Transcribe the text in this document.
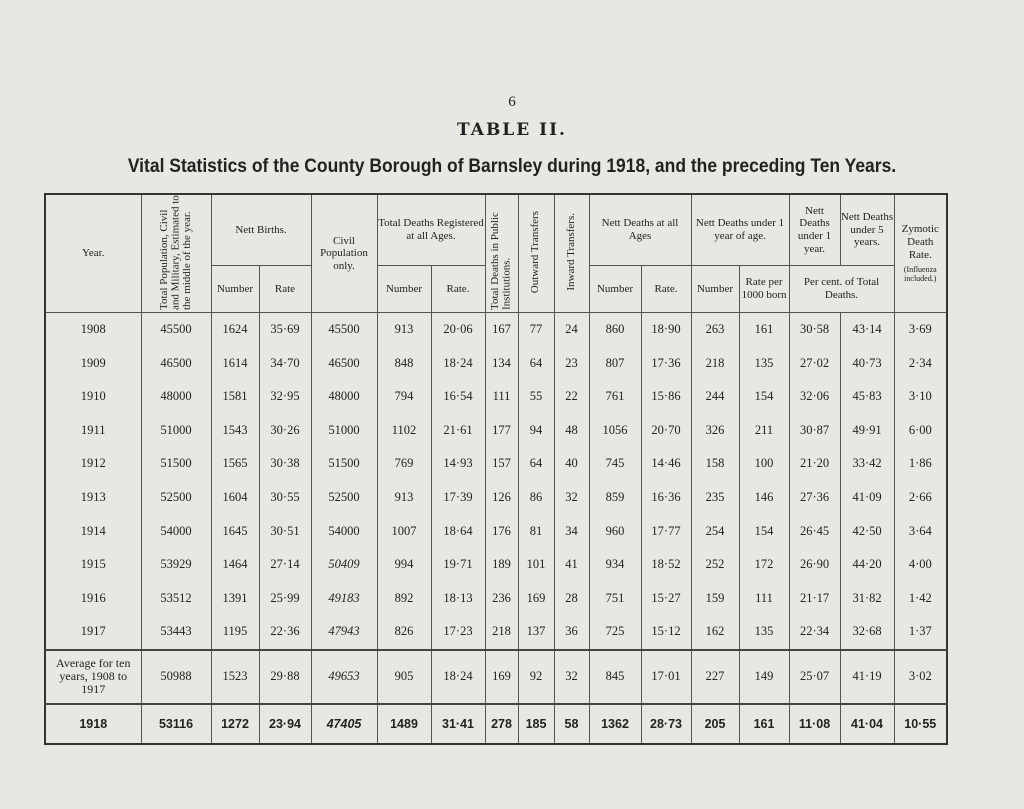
6
TABLE II.
Vital Statistics of the County Borough of Barnsley during 1918, and the preceding Ten Years.
Year.	Total Population, Civil and Military, Estimated to the middle of the year.	Nett Births.		Civil Population only.	Total Deaths Registered at all Ages.		Total Deaths in Public Institutions.	Outward Transfers	Inward Transfers.	Nett Deaths at all Ages		Nett Deaths under 1 year of age.		Nett Deaths under 1 year.	Nett Deaths under 5 years.	Zymotic Death Rate.
(Influenza included.)

		Number	Rate		Number	Rate.				Number	Rate.	Number	Rate per 1000 born	Per cent. of Total Deaths.		
1908	45500	1624	35·69	45500	913	20·06	167	77	24	860	18·90	263	161	30·58	43·14	3·69
1909	46500	1614	34·70	46500	848	18·24	134	64	23	807	17·36	218	135	27·02	40·73	2·34
1910	48000	1581	32·95	48000	794	16·54	111	55	22	761	15·86	244	154	32·06	45·83	3·10
1911	51000	1543	30·26	51000	1102	21·61	177	94	48	1056	20·70	326	211	30·87	49·91	6·00
1912	51500	1565	30·38	51500	769	14·93	157	64	40	745	14·46	158	100	21·20	33·42	1·86
1913	52500	1604	30·55	52500	913	17·39	126	86	32	859	16·36	235	146	27·36	41·09	2·66
1914	54000	1645	30·51	54000	1007	18·64	176	81	34	960	17·77	254	154	26·45	42·50	3·64
1915	53929	1464	27·14	50409	994	19·71	189	101	41	934	18·52	252	172	26·90	44·20	4·00
1916	53512	1391	25·99	49183	892	18·13	236	169	28	751	15·27	159	111	21·17	31·82	1·42
1917	53443	1195	22·36	47943	826	17·23	218	137	36	725	15·12	162	135	22·34	32·68	1·37
Average for ten years, 1908 to 1917	50988	1523	29·88	49653	905	18·24	169	92	32	845	17·01	227	149	25·07	41·19	3·02
1918	53116	1272	23·94	47405	1489	31·41	278	185	58	1362	28·73	205	161	11·08	41·04	10·55
